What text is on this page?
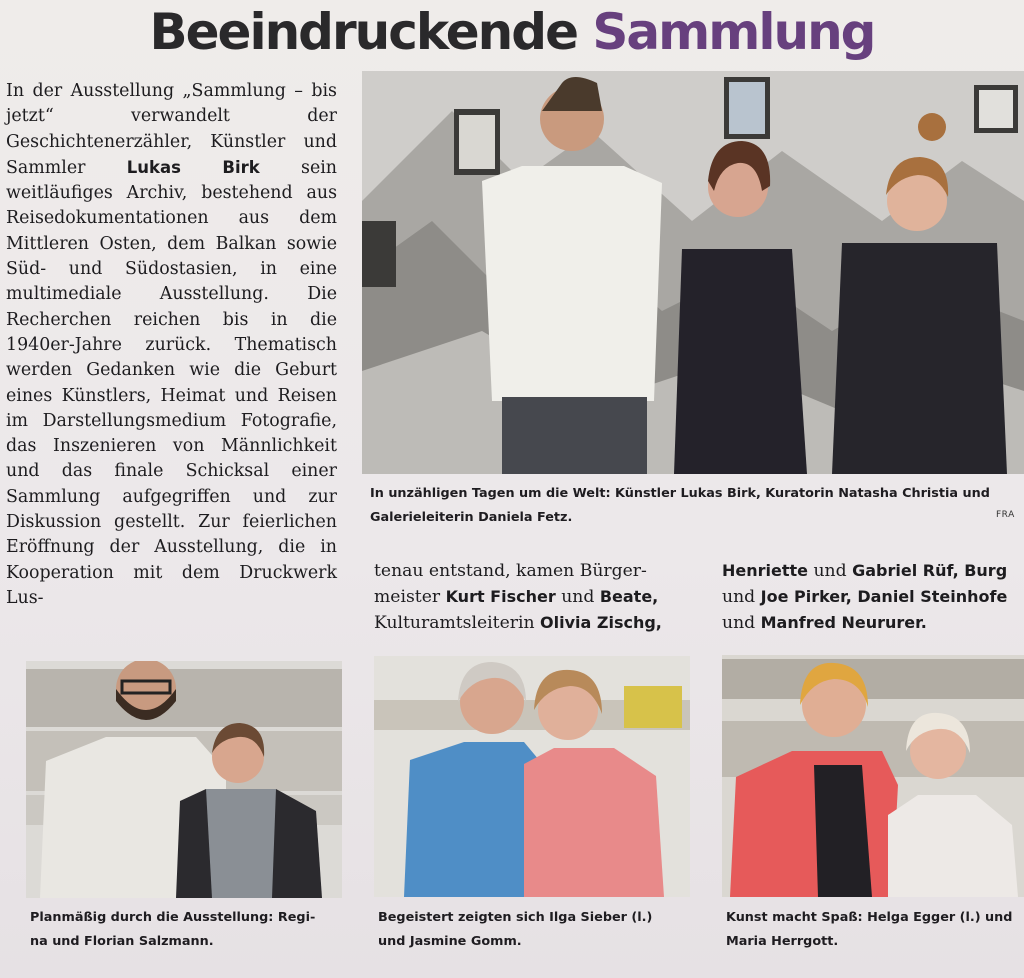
Beeindruckende Sammlung

In der Ausstellung „Sammlung – bis jetzt“ verwandelt der Geschichtenerzähler, Künstler und Sammler	Lukas Birk sein weitläufiges Archiv, bestehend aus Reisedokumentationen aus dem Mittleren Osten, dem Balkan sowie Süd- und Südostasien, in eine multimediale Ausstellung. Die Recherchen reichen bis in die 1940er-Jahre zurück. Thematisch werden Gedanken wie die Geburt eines Künstlers, Heimat und Reisen im Darstellungsmedium Fotografie, das Inszenieren von Männlichkeit und das finale Schicksal einer Sammlung aufgegriffen und zur Diskussion gestellt. Zur feierlichen Eröffnung der Ausstellung, die in Kooperation mit dem Druckwerk Lus-

In unzähligen Tagen um die Welt: Künstler Lukas Birk, Kuratorin Natasha Christia und
Galerieleiterin Daniela Fetz.	FRA
tenau entstand, kamen Bürger-
meister Kurt Fischer und Beate,
Kulturamtsleiterin Olivia Zischg,
Henriette und Gabriel Rüf, Burg
und Joe Pirker, Daniel Steinhofe
und Manfred Neururer.
Planmäßig durch die Ausstellung: Regi-
na und Florian Salzmann.
Begeistert zeigten sich Ilga Sieber (l.)
und Jasmine Gomm.
Kunst macht Spaß: Helga Egger (l.) und
Maria Herrgott.
